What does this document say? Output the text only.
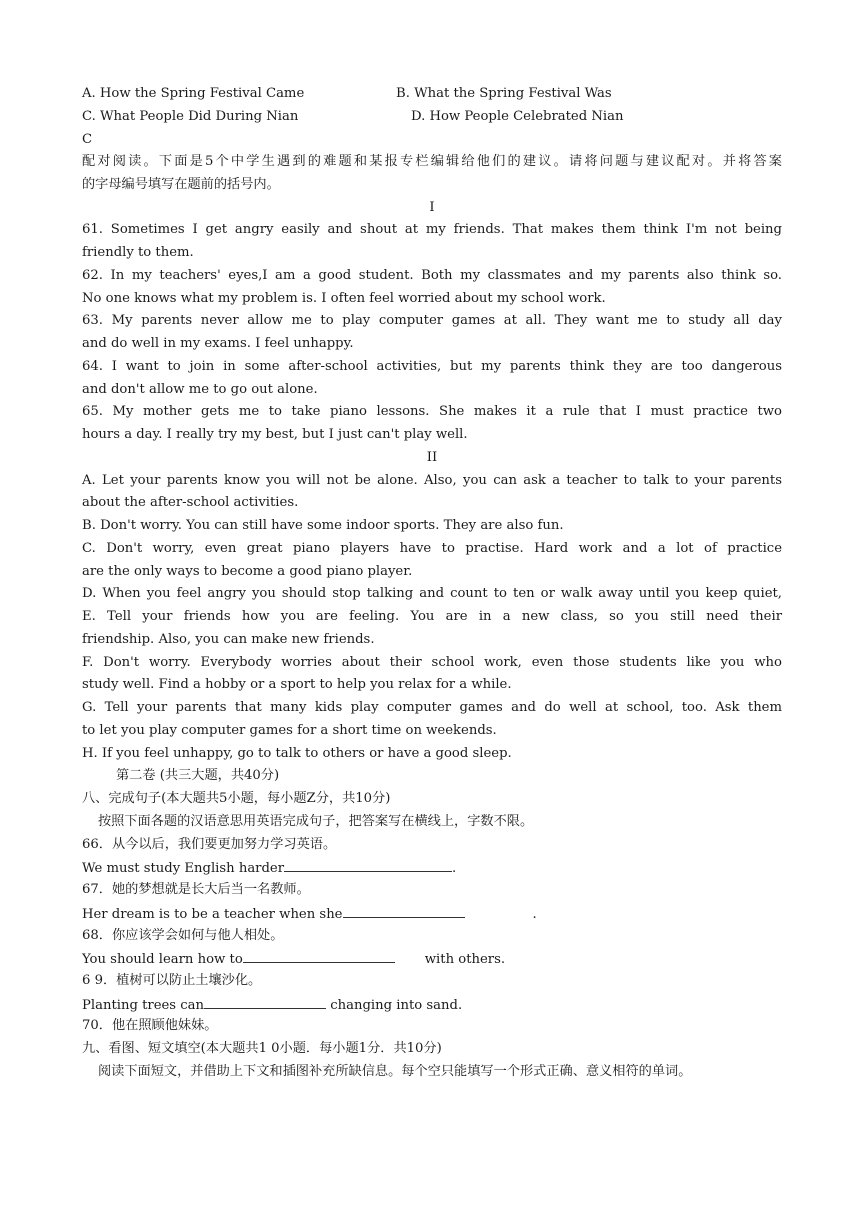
A. How the Spring Festival Came	B. What the Spring Festival Was
C. What People Did During Nian	D. How People Celebrated Nian
C
配对阅读。下面是5个中学生遇到的难题和某报专栏编辑给他们的建议。请将问题与建议配对。并将答案
的字母编号填写在题前的括号内。
I
61. Sometimes I get angry easily and shout at my friends. That makes them think I'm not being
friendly to them.
62. In my teachers' eyes,I am a good student. Both my classmates and my parents also think so.
No one knows what my problem is. I often feel worried about my school work.
63. My parents never allow me to play computer games at all. They want me to study all day
and do well in my exams. I feel unhappy.
64. I want to join in some after-school activities, but my parents think they are too dangerous
and don't allow me to go out alone.
65. My mother gets me to take piano lessons. She makes it a rule that I must practice two
hours a day. I really try my best, but I just can't play well.
II
A. Let your parents know you will not be alone. Also, you can ask a teacher to talk to your parents
about the after-school activities.
B. Don't worry. You can still have some indoor sports. They are also fun.
C. Don't worry, even great piano players have to practise. Hard work and a lot of practice
are the only ways to become a good piano player.
D. When you feel angry you should stop talking and count to ten or walk away until you keep quiet,
E. Tell your friends how you are feeling. You are in a new class, so you still need their
friendship. Also, you can make new friends.
F. Don't worry. Everybody worries about their school work, even those students like you who
study well. Find a hobby or a sport to help you relax for a while.
G. Tell your parents that many kids play computer games and do well at school, too. Ask them
to let you play computer games for a short time on weekends.
H. If you feel unhappy, go to talk to others or have a good sleep.
第二卷 (共三大题，共40分)
八、完成句子(本大题共5小题，每小题Z分，共10分)
按照下面各题的汉语意思用英语完成句子，把答案写在横线上，字数不限。
66．从今以后，我们要更加努力学习英语。
We must study English harder	.
67．她的梦想就是长大后当一名教师。
Her dream is to be a teacher when she	.
68．你应该学会如何与他人相处。
You should learn how to	with others.
6 9．植树可以防止土壤沙化。
Planting trees can	changing into sand.
70．他在照顾他妹妹。
九、看图、短文填空(本大题共1 0小题．每小题1分．共10分)
阅读下面短文，并借助上下文和插图补充所缺信息。每个空只能填写一个形式正确、意义相符的单词。
